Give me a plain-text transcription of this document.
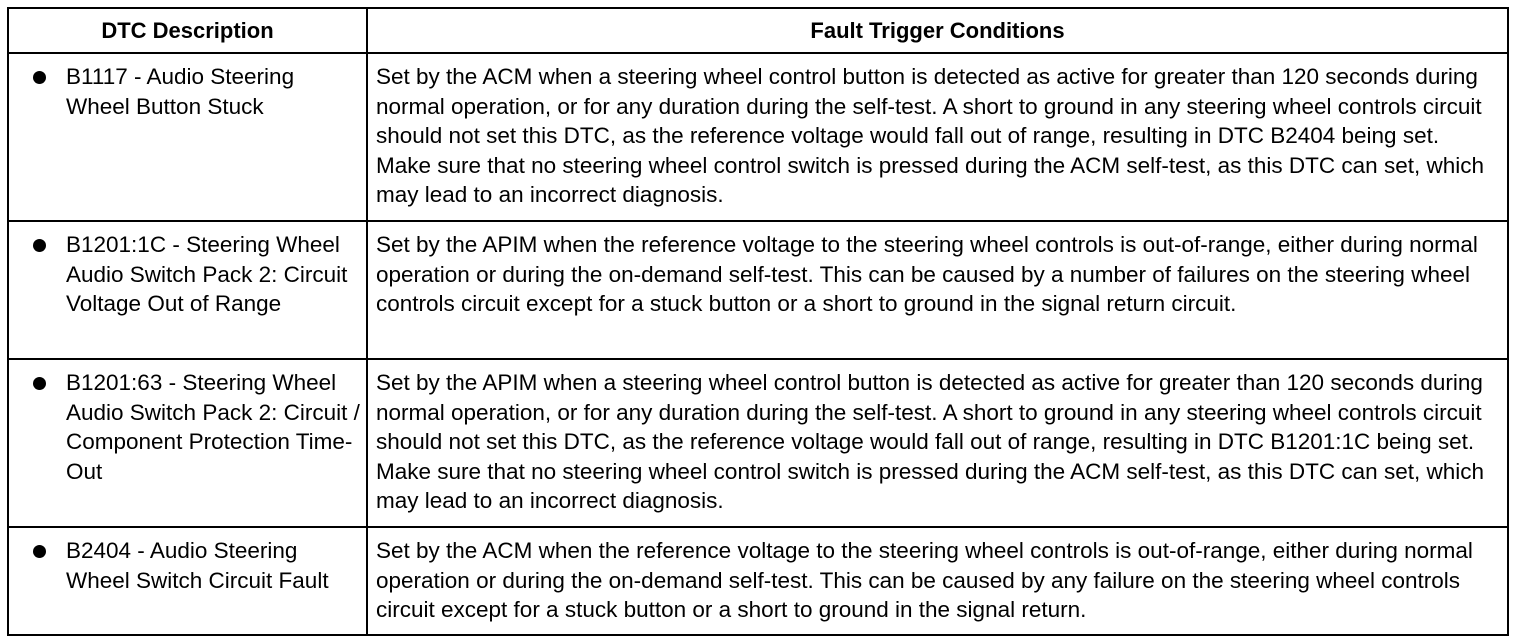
DTC Description	Fault Trigger Conditions

B1117 - Audio Steering Wheel Button Stuck	Set by the ACM when a steering wheel control button is detected as active for greater than 120 seconds during normal operation, or for any duration during the self-test. A short to ground in any steering wheel controls circuit should not set this DTC, as the reference voltage would fall out of range, resulting in DTC B2404 being set. Make sure that no steering wheel control switch is pressed during the ACM self-test, as this DTC can set, which may lead to an incorrect diagnosis.

B1201:1C - Steering Wheel Audio Switch Pack 2: Circuit Voltage Out of Range	Set by the APIM when the reference voltage to the steering wheel controls is out-of-range, either during normal operation or during the on-demand self-test. This can be caused by a number of failures on the steering wheel controls circuit except for a stuck button or a short to ground in the signal return circuit.

B1201:63 - Steering Wheel Audio Switch Pack 2: Circuit / Component Protection Time-Out	Set by the APIM when a steering wheel control button is detected as active for greater than 120 seconds during normal operation, or for any duration during the self-test. A short to ground in any steering wheel controls circuit should not set this DTC, as the reference voltage would fall out of range, resulting in DTC B1201:1C being set. Make sure that no steering wheel control switch is pressed during the ACM self-test, as this DTC can set, which may lead to an incorrect diagnosis.

B2404 - Audio Steering Wheel Switch Circuit Fault	Set by the ACM when the reference voltage to the steering wheel controls is out-of-range, either during normal operation or during the on-demand self-test. This can be caused by any failure on the steering wheel controls circuit except for a stuck button or a short to ground in the signal return.
